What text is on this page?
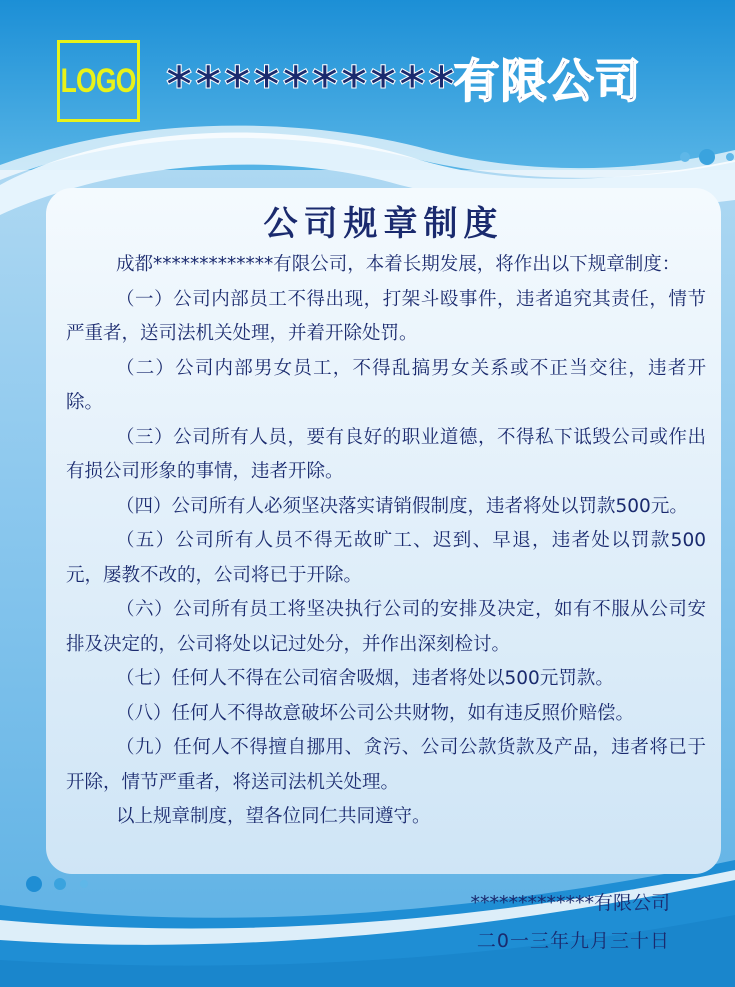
LOGO **********
有限公司
公司规章制度

成都*************有限公司，本着长期发展，将作出以下规章制度：

（一）公司内部员工不得出现，打架斗殴事件，违者追究其责任，情节严重者，送司法机关处理，并着开除处罚。

（二）公司内部男女员工，不得乱搞男女关系或不正当交往，违者开除。

（三）公司所有人员，要有良好的职业道德，不得私下诋毁公司或作出有损公司形象的事情，违者开除。

（四）公司所有人必须坚决落实请销假制度，违者将处以罚款500元。

（五）公司所有人员不得无故旷工、迟到、早退，违者处以罚款500元，屡教不改的，公司将已于开除。

（六）公司所有员工将坚决执行公司的安排及决定，如有不服从公司安排及决定的，公司将处以记过处分，并作出深刻检讨。

（七）任何人不得在公司宿舍吸烟，违者将处以500元罚款。

（八）任何人不得故意破坏公司公共财物，如有违反照价赔偿。

（九）任何人不得擅自挪用、贪污、公司公款货款及产品，违者将已于开除，情节严重者，将送司法机关处理。

以上规章制度，望各位同仁共同遵守。

*************有限公司
二0一三年九月三十日
